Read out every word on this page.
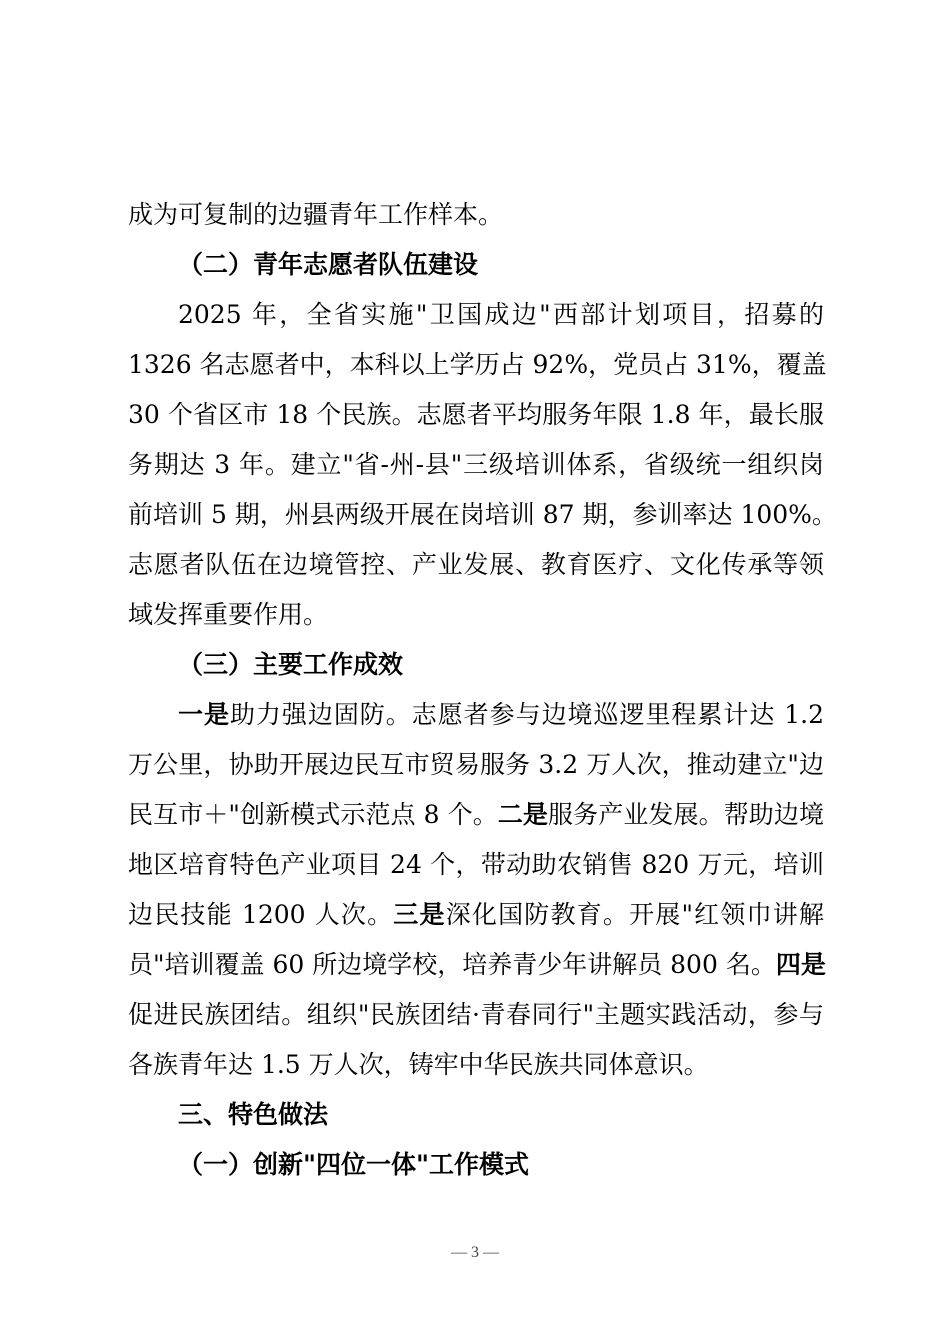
成为可复制的边疆青年工作样本。
（二）青年志愿者队伍建设
2025 年，全省实施"卫国成边"西部计划项目，招募的
1326 名志愿者中，本科以上学历占 92%，党员占 31%，覆盖
30 个省区市 18 个民族。志愿者平均服务年限 1.8 年，最长服
务期达 3 年。建立"省-州-县"三级培训体系，省级统一组织岗
前培训 5 期，州县两级开展在岗培训 87 期，参训率达 100%。
志愿者队伍在边境管控、产业发展、教育医疗、文化传承等领
域发挥重要作用。
（三）主要工作成效
一是助力强边固防。志愿者参与边境巡逻里程累计达 1.2
万公里，协助开展边民互市贸易服务 3.2 万人次，推动建立"边
民互市＋"创新模式示范点 8 个。二是服务产业发展。帮助边境
地区培育特色产业项目 24 个，带动助农销售 820 万元，培训
边民技能 1200 人次。三是深化国防教育。开展"红领巾讲解
员"培训覆盖 60 所边境学校，培养青少年讲解员 800 名。四是
促进民族团结。组织"民族团结·青春同行"主题实践活动，参与
各族青年达 1.5 万人次，铸牢中华民族共同体意识。
三、特色做法
（一）创新"四位一体"工作模式
— 3 —
